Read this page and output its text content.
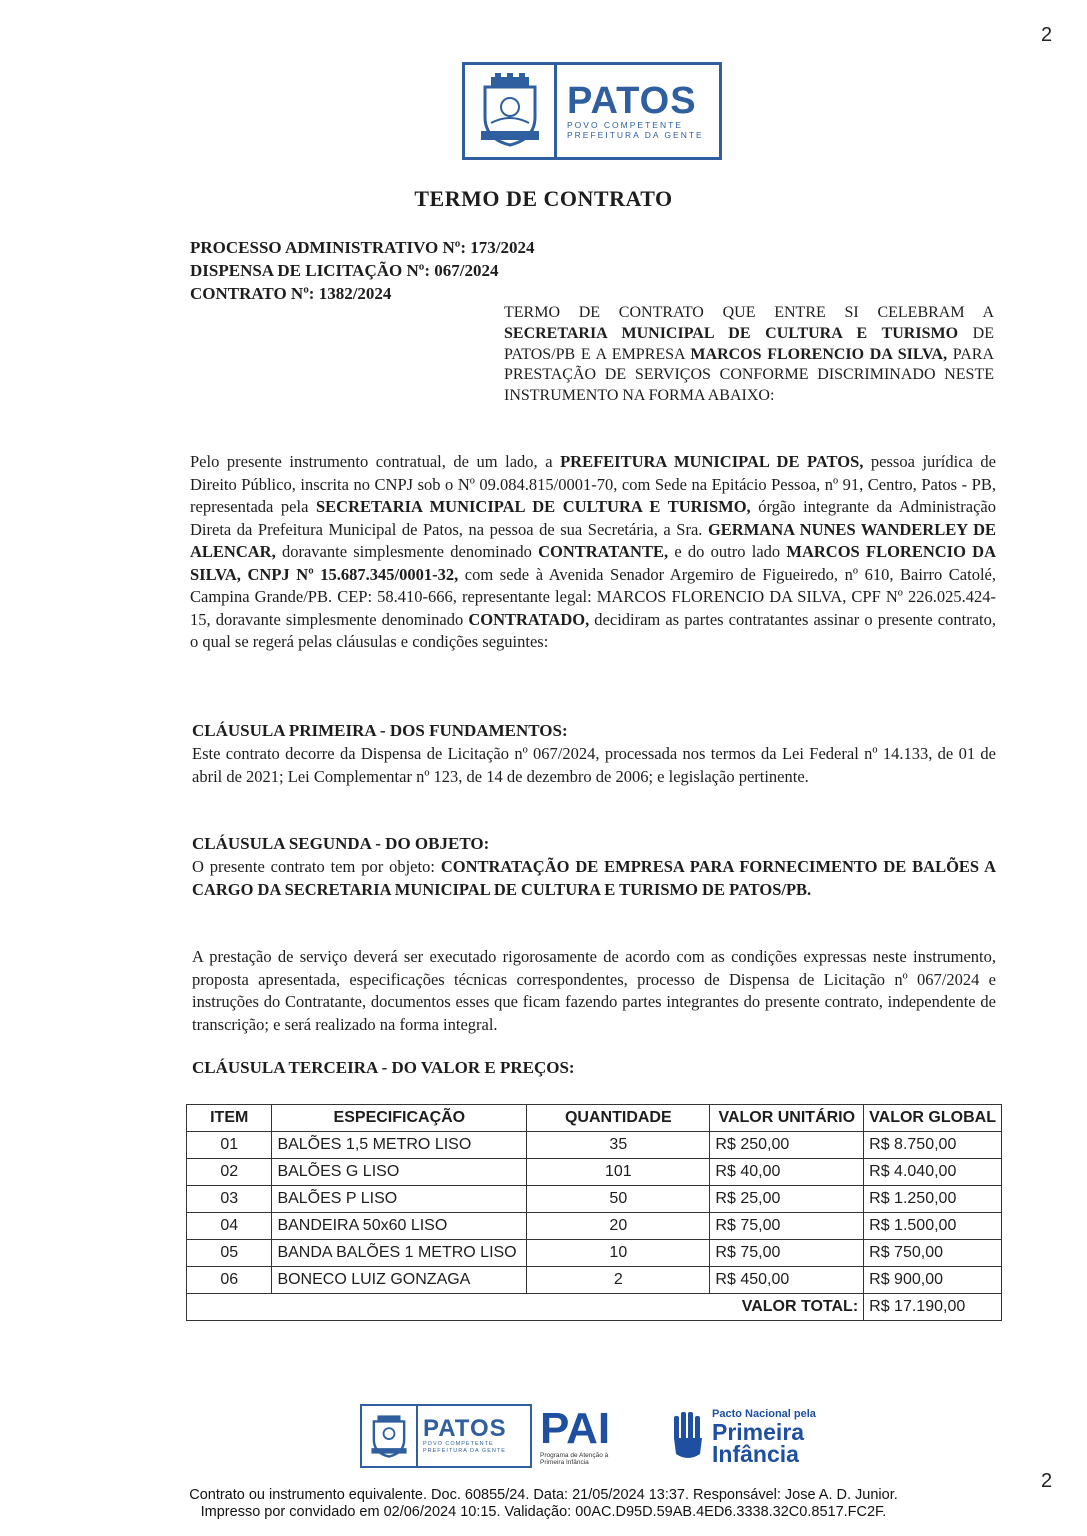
2
PATOS
POVO COMPETENTE
PREFEITURA DA GENTE
TERMO DE CONTRATO
PROCESSO ADMINISTRATIVO Nº: 173/2024
DISPENSA DE LICITAÇÃO Nº: 067/2024
CONTRATO Nº: 1382/2024
TERMO DE CONTRATO QUE ENTRE SI CELEBRAM A SECRETARIA MUNICIPAL DE CULTURA E TURISMO DE PATOS/PB E A EMPRESA MARCOS FLORENCIO DA SILVA, PARA PRESTAÇÃO DE SERVIÇOS CONFORME DISCRIMINADO NESTE INSTRUMENTO NA FORMA ABAIXO:
Pelo presente instrumento contratual, de um lado, a PREFEITURA MUNICIPAL DE PATOS, pessoa jurídica de Direito Público, inscrita no CNPJ sob o Nº 09.084.815/0001-70, com Sede na Epitácio Pessoa, nº 91, Centro, Patos - PB, representada pela SECRETARIA MUNICIPAL DE CULTURA E TURISMO, órgão integrante da Administração Direta da Prefeitura Municipal de Patos, na pessoa de sua Secretária, a Sra. GERMANA NUNES WANDERLEY DE ALENCAR, doravante simplesmente denominado CONTRATANTE, e do outro lado MARCOS FLORENCIO DA SILVA, CNPJ Nº 15.687.345/0001-32, com sede à Avenida Senador Argemiro de Figueiredo, nº 610, Bairro Catolé, Campina Grande/PB. CEP: 58.410-666, representante legal: MARCOS FLORENCIO DA SILVA, CPF Nº 226.025.424-15, doravante simplesmente denominado CONTRATADO, decidiram as partes contratantes assinar o presente contrato, o qual se regerá pelas cláusulas e condições seguintes:
CLÁUSULA PRIMEIRA - DOS FUNDAMENTOS:
Este contrato decorre da Dispensa de Licitação nº 067/2024, processada nos termos da Lei Federal nº 14.133, de 01 de abril de 2021; Lei Complementar nº 123, de 14 de dezembro de 2006; e legislação pertinente.
CLÁUSULA SEGUNDA - DO OBJETO:
O presente contrato tem por objeto: CONTRATAÇÃO DE EMPRESA PARA FORNECIMENTO DE BALÕES A CARGO DA SECRETARIA MUNICIPAL DE CULTURA E TURISMO DE PATOS/PB.
A prestação de serviço deverá ser executado rigorosamente de acordo com as condições expressas neste instrumento, proposta apresentada, especificações técnicas correspondentes, processo de Dispensa de Licitação nº 067/2024 e instruções do Contratante, documentos esses que ficam fazendo partes integrantes do presente contrato, independente de transcrição; e será realizado na forma integral.
CLÁUSULA TERCEIRA - DO VALOR E PREÇOS:
ITEM	ESPECIFICAÇÃO	QUANTIDADE	VALOR UNITÁRIO	VALOR GLOBAL
01	BALÕES 1,5 METRO LISO	35	R$ 250,00	R$ 8.750,00
02	BALÕES G LISO	101	R$ 40,00	R$ 4.040,00
03	BALÕES P LISO	50	R$ 25,00	R$ 1.250,00
04	BANDEIRA 50x60 LISO	20	R$ 75,00	R$ 1.500,00
05	BANDA BALÕES 1 METRO LISO	10	R$ 75,00	R$ 750,00
06	BONECO LUIZ GONZAGA	2	R$ 450,00	R$ 900,00
VALOR TOTAL:				R$ 17.190,00
PATOS
POVO COMPETENTE
PREFEITURA DA GENTE PAI
Programa de Atenção à Primeira Infância
Pacto Nacional pela
Primeira
Infância
2
Contrato ou instrumento equivalente. Doc. 60855/24. Data: 21/05/2024 13:37. Responsável: Jose A. D. Junior.
Impresso por convidado em 02/06/2024 10:15. Validação: 00AC.D95D.59AB.4ED6.3338.32C0.8517.FC2F.
